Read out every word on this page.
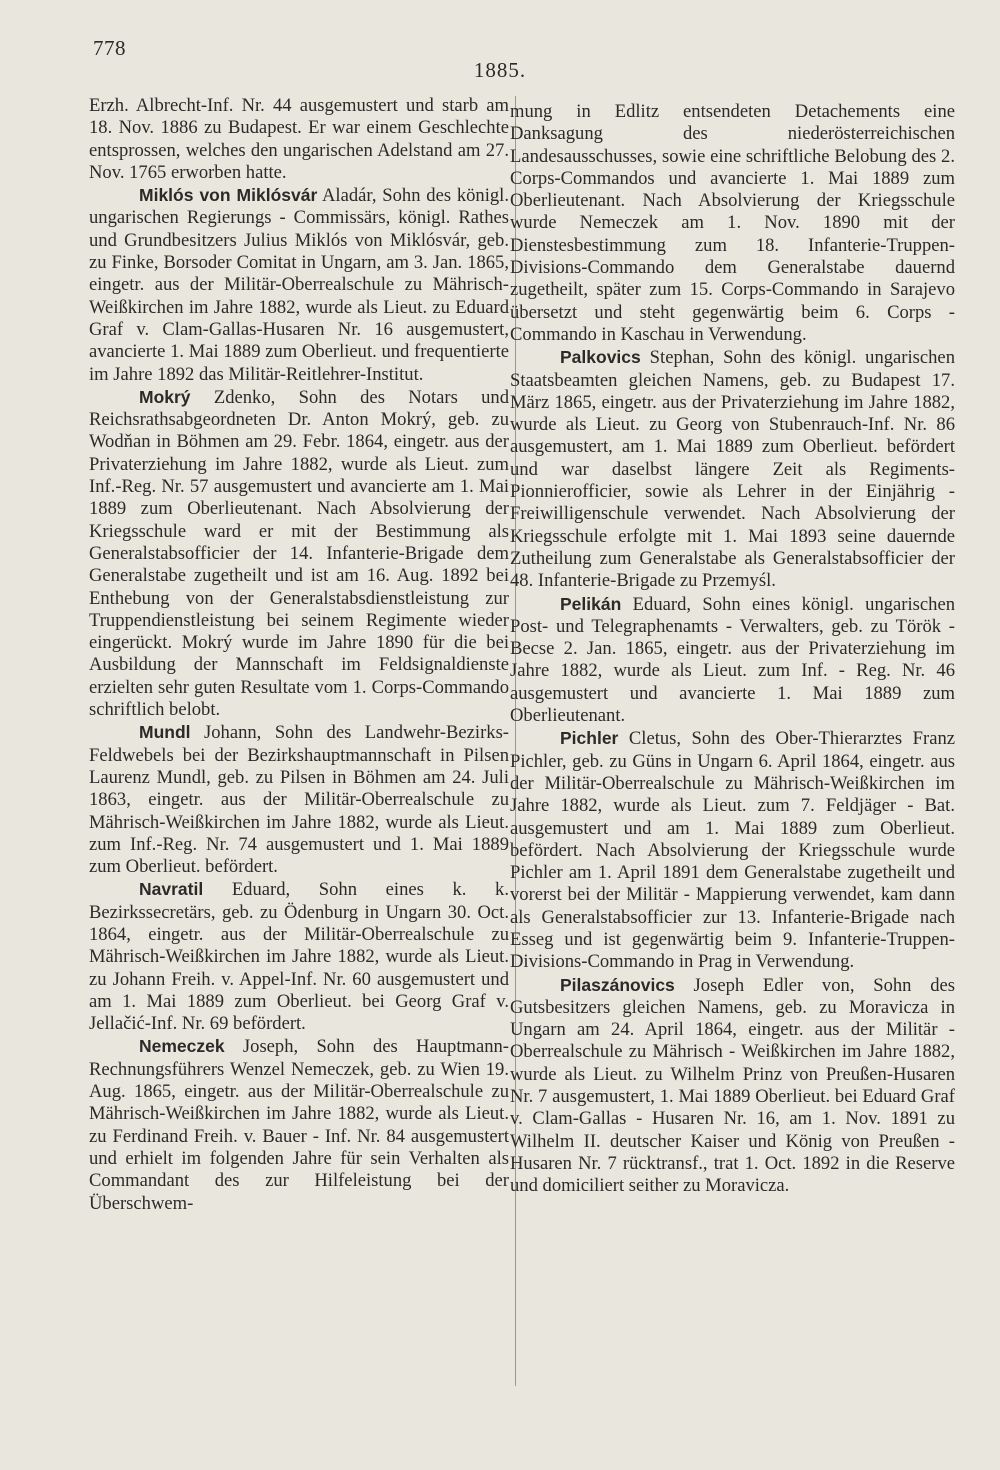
778
1885.

Erzh. Albrecht-Inf. Nr. 44 ausgemustert und starb am 18. Nov. 1886 zu Budapest. Er war einem Geschlechte entsprossen, welches den ungarischen Adelstand am 27. Nov. 1765 erworben hatte.

Miklós von Miklósvár Aladár, Sohn des königl. ungarischen Regierungs - Commissärs, königl. Rathes und Grundbesitzers Julius Miklós von Miklósvár, geb. zu Finke, Borsoder Comitat in Ungarn, am 3. Jan. 1865, eingetr. aus der Militär-Oberrealschule zu Mährisch-Weißkirchen im Jahre 1882, wurde als Lieut. zu Eduard Graf v. Clam-Gallas-Husaren Nr. 16 ausgemustert, avancierte 1. Mai 1889 zum Oberlieut. und frequentierte im Jahre 1892 das Militär-Reitlehrer-Institut.

Mokrý Zdenko, Sohn des Notars und Reichsrathsabgeordneten Dr. Anton Mokrý, geb. zu Wodňan in Böhmen am 29. Febr. 1864, eingetr. aus der Privaterziehung im Jahre 1882, wurde als Lieut. zum Inf.-Reg. Nr. 57 ausgemustert und avancierte am 1. Mai 1889 zum Oberlieutenant. Nach Absolvierung der Kriegsschule ward er mit der Bestimmung als Generalstabsofficier der 14. Infanterie-Brigade dem Generalstabe zugetheilt und ist am 16. Aug. 1892 bei Enthebung von der Generalstabsdienstleistung zur Truppendienstleistung bei seinem Regimente wieder eingerückt. Mokrý wurde im Jahre 1890 für die bei Ausbildung der Mannschaft im Feldsignaldienste erzielten sehr guten Resultate vom 1. Corps-Commando schriftlich belobt.

Mundl Johann, Sohn des Landwehr-Bezirks-Feldwebels bei der Bezirkshauptmannschaft in Pilsen Laurenz Mundl, geb. zu Pilsen in Böhmen am 24. Juli 1863, eingetr. aus der Militär-Oberrealschule zu Mährisch-Weißkirchen im Jahre 1882, wurde als Lieut. zum Inf.-Reg. Nr. 74 ausgemustert und 1. Mai 1889 zum Oberlieut. befördert.

Navratil Eduard, Sohn eines k. k. Bezirkssecretärs, geb. zu Ödenburg in Ungarn 30. Oct. 1864, eingetr. aus der Militär-Oberrealschule zu Mährisch-Weißkirchen im Jahre 1882, wurde als Lieut. zu Johann Freih. v. Appel-Inf. Nr. 60 ausgemustert und am 1. Mai 1889 zum Oberlieut. bei Georg Graf v. Jellačić-Inf. Nr. 69 befördert.

Nemeczek Joseph, Sohn des Hauptmann-Rechnungsführers Wenzel Nemeczek, geb. zu Wien 19. Aug. 1865, eingetr. aus der Militär-Oberrealschule zu Mährisch-Weißkirchen im Jahre 1882, wurde als Lieut. zu Ferdinand Freih. v. Bauer - Inf. Nr. 84 ausgemustert und erhielt im folgenden Jahre für sein Verhalten als Commandant des zur Hilfeleistung bei der Überschwem-

mung in Edlitz entsendeten Detachements eine Danksagung des niederösterreichischen Landesausschusses, sowie eine schriftliche Belobung des 2. Corps-Commandos und avancierte 1. Mai 1889 zum Oberlieutenant. Nach Absolvierung der Kriegsschule wurde Nemeczek am 1. Nov. 1890 mit der Dienstesbestimmung zum 18. Infanterie-Truppen-Divisions-Commando dem Generalstabe dauernd zugetheilt, später zum 15. Corps-Commando in Sarajevo übersetzt und steht gegenwärtig beim 6. Corps - Commando in Kaschau in Verwendung.

Palkovics Stephan, Sohn des königl. ungarischen Staatsbeamten gleichen Namens, geb. zu Budapest 17. März 1865, eingetr. aus der Privaterziehung im Jahre 1882, wurde als Lieut. zu Georg von Stubenrauch-Inf. Nr. 86 ausgemustert, am 1. Mai 1889 zum Oberlieut. befördert und war daselbst längere Zeit als Regiments-Pionnierofficier, sowie als Lehrer in der Einjährig - Freiwilligenschule verwendet. Nach Absolvierung der Kriegsschule erfolgte mit 1. Mai 1893 seine dauernde Zutheilung zum Generalstabe als Generalstabsofficier der 48. Infanterie-Brigade zu Przemyśl.

Pelikán Eduard, Sohn eines königl. ungarischen Post- und Telegraphenamts - Verwalters, geb. zu Török - Becse 2. Jan. 1865, eingetr. aus der Privaterziehung im Jahre 1882, wurde als Lieut. zum Inf. - Reg. Nr. 46 ausgemustert und avancierte 1. Mai 1889 zum Oberlieutenant.

Pichler Cletus, Sohn des Ober-Thierarztes Franz Pichler, geb. zu Güns in Ungarn 6. April 1864, eingetr. aus der Militär-Oberrealschule zu Mährisch-Weißkirchen im Jahre 1882, wurde als Lieut. zum 7. Feldjäger - Bat. ausgemustert und am 1. Mai 1889 zum Oberlieut. befördert. Nach Absolvierung der Kriegsschule wurde Pichler am 1. April 1891 dem Generalstabe zugetheilt und vorerst bei der Militär - Mappierung verwendet, kam dann als Generalstabsofficier zur 13. Infanterie-Brigade nach Esseg und ist gegenwärtig beim 9. Infanterie-Truppen-Divisions-Commando in Prag in Verwendung.

Pilaszánovics Joseph Edler von, Sohn des Gutsbesitzers gleichen Namens, geb. zu Moravicza in Ungarn am 24. April 1864, eingetr. aus der Militär - Oberrealschule zu Mährisch - Weißkirchen im Jahre 1882, wurde als Lieut. zu Wilhelm Prinz von Preußen-Husaren Nr. 7 ausgemustert, 1. Mai 1889 Oberlieut. bei Eduard Graf v. Clam-Gallas - Husaren Nr. 16, am 1. Nov. 1891 zu Wilhelm II. deutscher Kaiser und König von Preußen - Husaren Nr. 7 rücktransf., trat 1. Oct. 1892 in die Reserve und domiciliert seither zu Moravicza.
